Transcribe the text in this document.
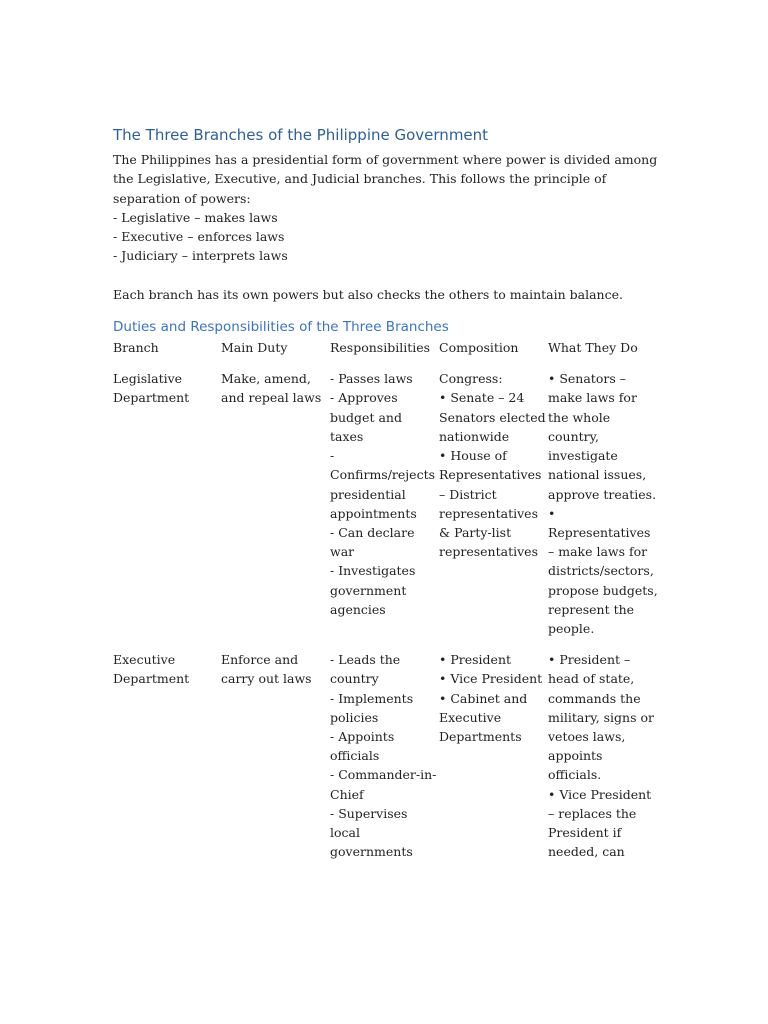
The Three Branches of the Philippine Government

The Philippines has a presidential form of government where power is divided among the Legislative, Executive, and Judicial branches. This follows the principle of separation of powers:

- Legislative – makes laws
- Executive – enforces laws
- Judiciary – interprets laws

Each branch has its own powers but also checks the others to maintain balance.

Duties and Responsibilities of the Three Branches
Branch	Main Duty	Responsibilities	Composition	What They Do
Legislative Department	Make, amend, and repeal laws	- Passes laws
- Approves budget and taxes
- Confirms/rejects presidential appointments
- Can declare war
- Investigates government agencies	Congress:
• Senate – 24 Senators elected nationwide
• House of Representatives – District representatives & Party-list representatives	• Senators – make laws for the whole country, investigate national issues, approve treaties.
• Representatives – make laws for districts/sectors, propose budgets, represent the people.

Executive Department	Enforce and carry out laws	- Leads the country
- Implements policies
- Appoints officials
- Commander-in-Chief
- Supervises local governments	• President
• Vice President
• Cabinet and Executive Departments	• President – head of state, commands the military, signs or vetoes laws, appoints officials.
• Vice President – replaces the President if needed, can
